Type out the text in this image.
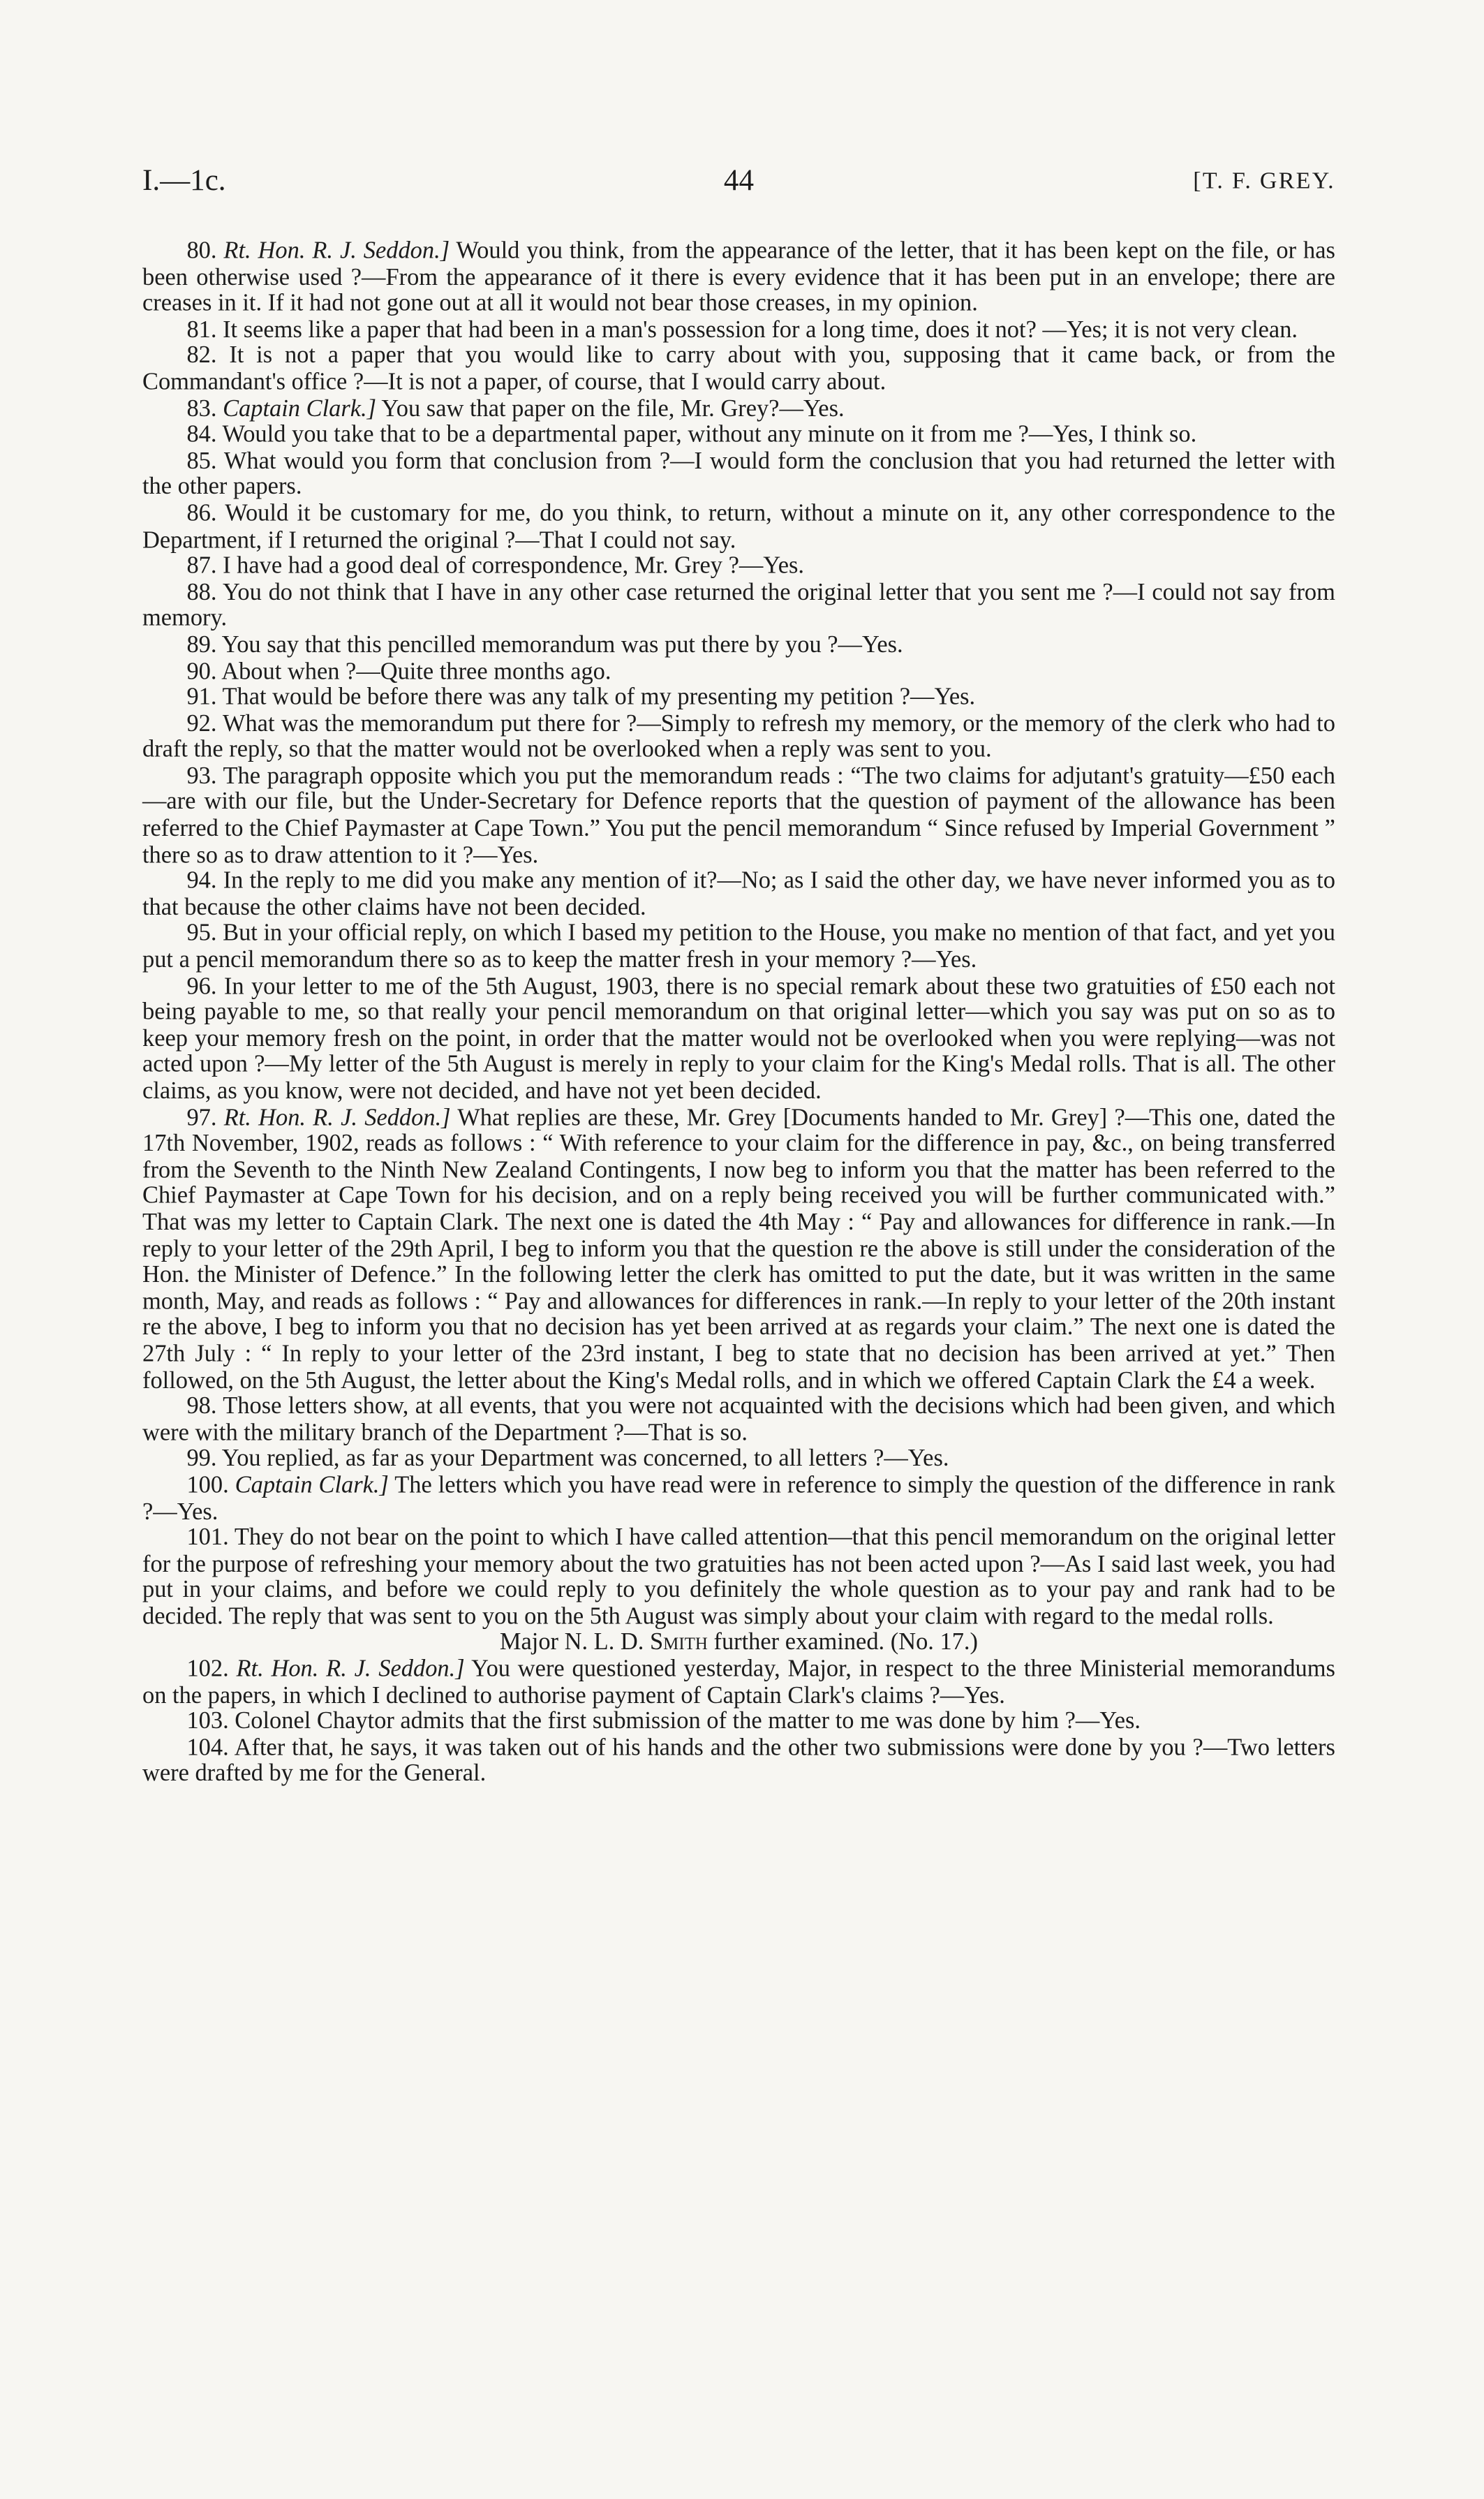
I.—1c.	44	[T. F. GREY.

80. Rt. Hon. R. J. Seddon.] Would you think, from the appearance of the letter, that it has been kept on the file, or has been otherwise used ?—From the appearance of it there is every evidence that it has been put in an envelope; there are creases in it. If it had not gone out at all it would not bear those creases, in my opinion.

81. It seems like a paper that had been in a man's possession for a long time, does it not? —Yes; it is not very clean.

82. It is not a paper that you would like to carry about with you, supposing that it came back, or from the Commandant's office ?—It is not a paper, of course, that I would carry about.

83. Captain Clark.] You saw that paper on the file, Mr. Grey?—Yes.

84. Would you take that to be a departmental paper, without any minute on it from me ?—Yes, I think so.

85. What would you form that conclusion from ?—I would form the conclusion that you had returned the letter with the other papers.

86. Would it be customary for me, do you think, to return, without a minute on it, any other correspondence to the Department, if I returned the original ?—That I could not say.

87. I have had a good deal of correspondence, Mr. Grey ?—Yes.

88. You do not think that I have in any other case returned the original letter that you sent me ?—I could not say from memory.

89. You say that this pencilled memorandum was put there by you ?—Yes.

90. About when ?—Quite three months ago.

91. That would be before there was any talk of my presenting my petition ?—Yes.

92. What was the memorandum put there for ?—Simply to refresh my memory, or the memory of the clerk who had to draft the reply, so that the matter would not be overlooked when a reply was sent to you.

93. The paragraph opposite which you put the memorandum reads : “The two claims for adjutant's gratuity—£50 each—are with our file, but the Under-Secretary for Defence reports that the question of payment of the allowance has been referred to the Chief Paymaster at Cape Town.” You put the pencil memorandum “ Since refused by Imperial Government ” there so as to draw attention to it ?—Yes.

94. In the reply to me did you make any mention of it?—No; as I said the other day, we have never informed you as to that because the other claims have not been decided.

95. But in your official reply, on which I based my petition to the House, you make no mention of that fact, and yet you put a pencil memorandum there so as to keep the matter fresh in your memory ?—Yes.

96. In your letter to me of the 5th August, 1903, there is no special remark about these two gratuities of £50 each not being payable to me, so that really your pencil memorandum on that original letter—which you say was put on so as to keep your memory fresh on the point, in order that the matter would not be overlooked when you were replying—was not acted upon ?—My letter of the 5th August is merely in reply to your claim for the King's Medal rolls. That is all. The other claims, as you know, were not decided, and have not yet been decided.

97. Rt. Hon. R. J. Seddon.] What replies are these, Mr. Grey [Documents handed to Mr. Grey] ?—This one, dated the 17th November, 1902, reads as follows : “ With reference to your claim for the difference in pay, &c., on being transferred from the Seventh to the Ninth New Zealand Contingents, I now beg to inform you that the matter has been referred to the Chief Paymaster at Cape Town for his decision, and on a reply being received you will be further communicated with.” That was my letter to Captain Clark. The next one is dated the 4th May : “ Pay and allowances for difference in rank.—In reply to your letter of the 29th April, I beg to inform you that the question re the above is still under the consideration of the Hon. the Minister of Defence.” In the following letter the clerk has omitted to put the date, but it was written in the same month, May, and reads as follows : “ Pay and allowances for differences in rank.—In reply to your letter of the 20th instant re the above, I beg to inform you that no decision has yet been arrived at as regards your claim.” The next one is dated the 27th July : “ In reply to your letter of the 23rd instant, I beg to state that no decision has been arrived at yet.” Then followed, on the 5th August, the letter about the King's Medal rolls, and in which we offered Captain Clark the £4 a week.

98. Those letters show, at all events, that you were not acquainted with the decisions which had been given, and which were with the military branch of the Department ?—That is so.

99. You replied, as far as your Department was concerned, to all letters ?—Yes.

100. Captain Clark.] The letters which you have read were in reference to simply the question of the difference in rank ?—Yes.

101. They do not bear on the point to which I have called attention—that this pencil memorandum on the original letter for the purpose of refreshing your memory about the two gratuities has not been acted upon ?—As I said last week, you had put in your claims, and before we could reply to you definitely the whole question as to your pay and rank had to be decided. The reply that was sent to you on the 5th August was simply about your claim with regard to the medal rolls.

Major N. L. D. Smith further examined. (No. 17.)

102. Rt. Hon. R. J. Seddon.] You were questioned yesterday, Major, in respect to the three Ministerial memorandums on the papers, in which I declined to authorise payment of Captain Clark's claims ?—Yes.

103. Colonel Chaytor admits that the first submission of the matter to me was done by him ?—Yes.

104. After that, he says, it was taken out of his hands and the other two submissions were done by you ?—Two letters were drafted by me for the General.
